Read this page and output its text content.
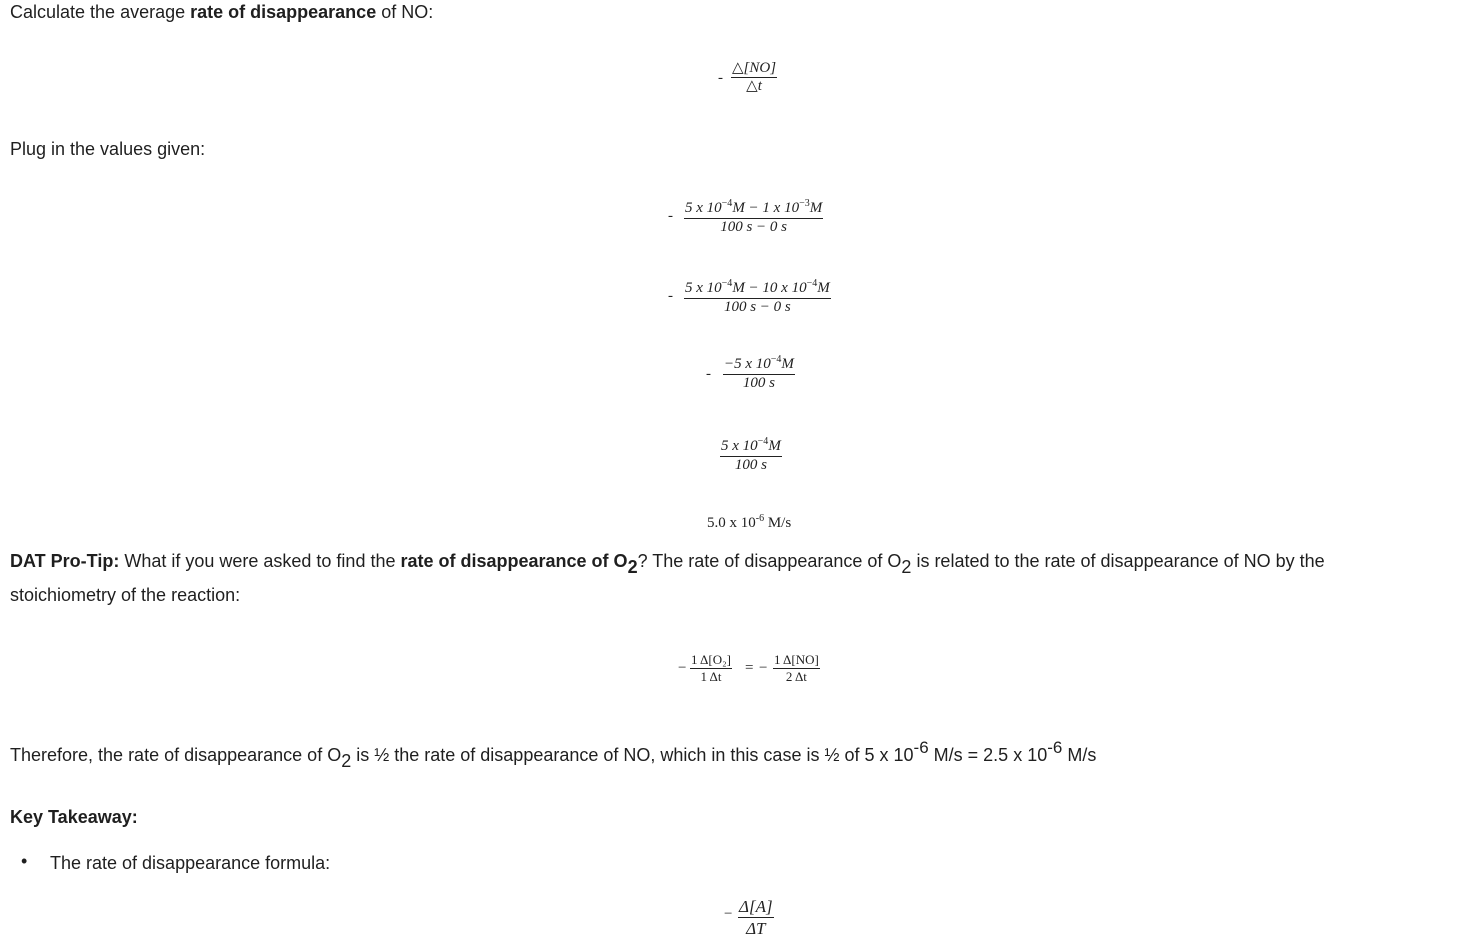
Calculate the average rate of disappearance of NO:
- $\frac{\triangle[NO]}{\triangle t}$
Plug in the values given:
- $\frac{5 x 10^{-4}M - 1 x 10^{-3}M}{100 s - 0 s}$
- $\frac{5 x 10^{-4}M - 10 x 10^{-4}M}{100 s - 0 s}$
- $\frac{-5 x 10^{-4}M}{100 s}$
$\frac{5 x 10^{-4}M}{100 s}$
5.0 x $10^{-6}$ M/s
DAT Pro-Tip: What if you were asked to find the rate of disappearance of O2? The rate of disappearance of O2 is related to the rate of disappearance of NO by the
stoichiometry of the reaction:
− $\frac{\text{1 Δ[O₂]}}{1 \Delta t}$ = − $\frac{1 \Delta[NO]}{2 \Delta t}$
Therefore, the rate of disappearance of O2 is ½ the rate of disappearance of NO, which in this case is ½ of 5 x 10-6 M/s = 2.5 x 10-6 M/s
Key Takeaway:
• The rate of disappearance formula:
− $\frac{\Delta[A]}{\Delta T}$
